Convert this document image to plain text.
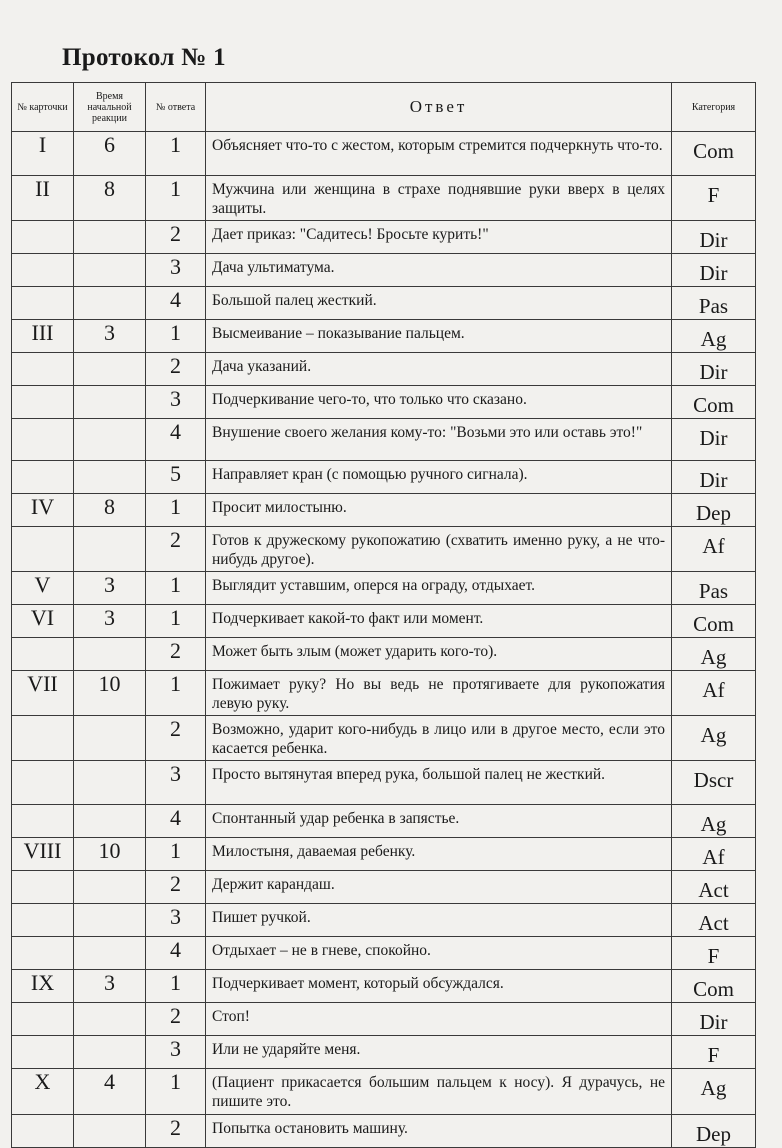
Протокол № 1
№ карточки	Время начальной реакции	№ ответа	Ответ	Категория
I	6	1	Объясняет что-то с жестом, которым стремится подчеркнуть что-то.	Com
II	8	1	Мужчина или женщина в страхе поднявшие руки вверх в целях защиты.	F
		2	Дает приказ: "Садитесь! Бросьте курить!"	Dir
		3	Дача ультиматума.	Dir
		4	Большой палец жесткий.	Pas
III	3	1	Высмеивание – показывание пальцем.	Ag
		2	Дача указаний.	Dir
		3	Подчеркивание чего-то, что только что сказано.	Com
		4	Внушение своего желания кому-то: "Возьми это или оставь это!"	Dir
		5	Направляет кран (с помощью ручного сигнала).	Dir
IV	8	1	Просит милостыню.	Dep
		2	Готов к дружескому рукопожатию (схватить именно руку, а не что-нибудь другое).	Af
V	3	1	Выглядит уставшим, оперся на ограду, отдыхает.	Pas
VI	3	1	Подчеркивает какой-то факт или момент.	Com
		2	Может быть злым (может ударить кого-то).	Ag
VII	10	1	Пожимает руку? Но вы ведь не протягиваете для рукопожатия левую руку.	Af
		2	Возможно, ударит кого-нибудь в лицо или в другое место, если это касается ребенка.	Ag
		3	Просто вытянутая вперед рука, большой палец не жесткий.	Dscr
		4	Спонтанный удар ребенка в запястье.	Ag
VIII	10	1	Милостыня, даваемая ребенку.	Af
		2	Держит карандаш.	Act
		3	Пишет ручкой.	Act
		4	Отдыхает – не в гневе, спокойно.	F
IX	3	1	Подчеркивает момент, который обсуждался.	Com
		2	Стоп!	Dir
		3	Или не ударяйте меня.	F
X	4	1	(Пациент прикасается большим пальцем к носу). Я дурачусь, не пишите это.	Ag
		2	Попытка остановить машину.	Dep
